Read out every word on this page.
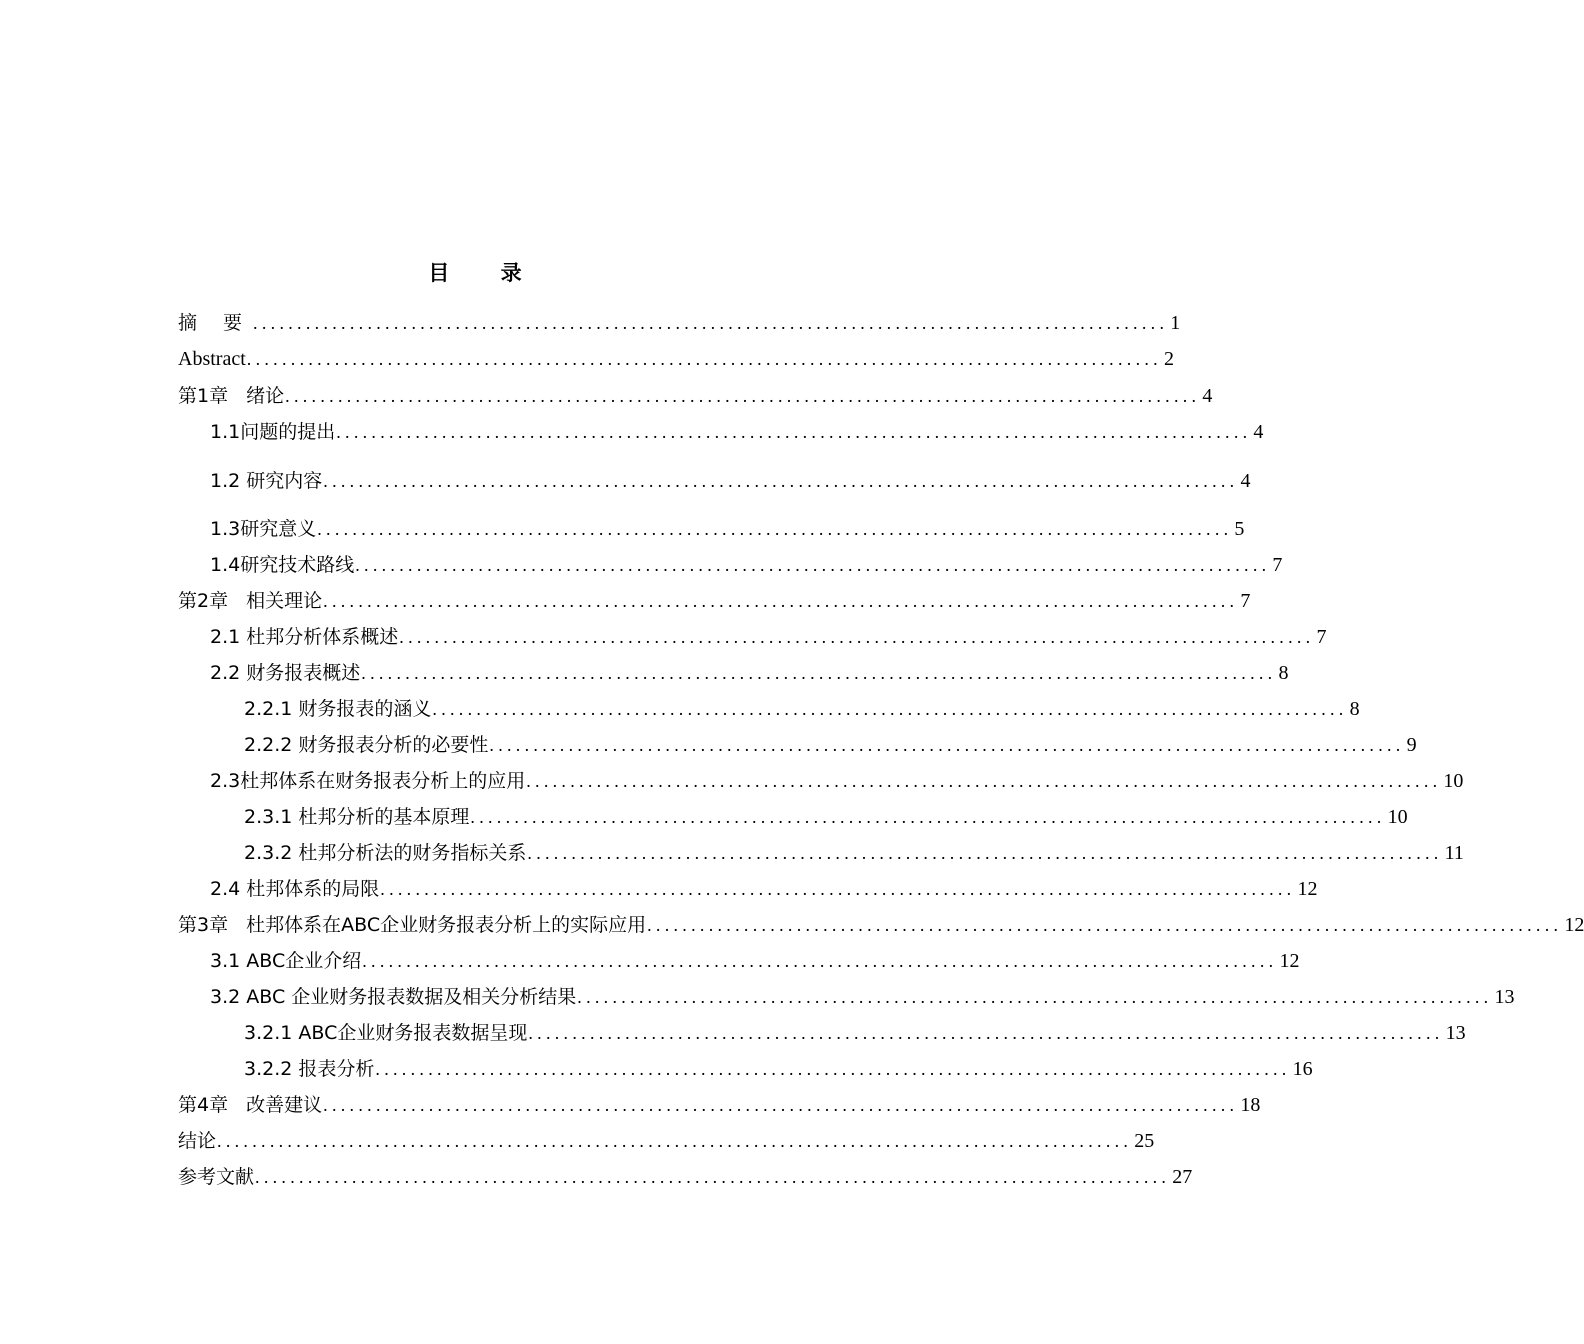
目 录
摘 要 ........................................................................................................ 1
Abstract ........................................................................................................ 2
第1章 绪论 ........................................................................................................ 4
1.1问题的提出 ........................................................................................................ 4
1.2 研究内容 ........................................................................................................ 4
1.3研究意义 ........................................................................................................ 5
1.4研究技术路线 ........................................................................................................ 7
第2章 相关理论 ........................................................................................................ 7
2.1 杜邦分析体系概述 ........................................................................................................ 7
2.2 财务报表概述 ........................................................................................................ 8
2.2.1 财务报表的涵义 ........................................................................................................ 8
2.2.2 财务报表分析的必要性 ........................................................................................................ 9
2.3杜邦体系在财务报表分析上的应用 ........................................................................................................ 10
2.3.1 杜邦分析的基本原理 ........................................................................................................ 10
2.3.2 杜邦分析法的财务指标关系 ........................................................................................................ 11
2.4 杜邦体系的局限 ........................................................................................................ 12
第3章 杜邦体系在ABC企业财务报表分析上的实际应用 ........................................................................................................ 12
3.1 ABC企业介绍 ........................................................................................................ 12
3.2 ABC 企业财务报表数据及相关分析结果 ........................................................................................................ 13
3.2.1 ABC企业财务报表数据呈现 ........................................................................................................ 13
3.2.2 报表分析 ........................................................................................................ 16
第4章 改善建议 ........................................................................................................ 18
结论 ........................................................................................................ 25
参考文献 ........................................................................................................ 27
